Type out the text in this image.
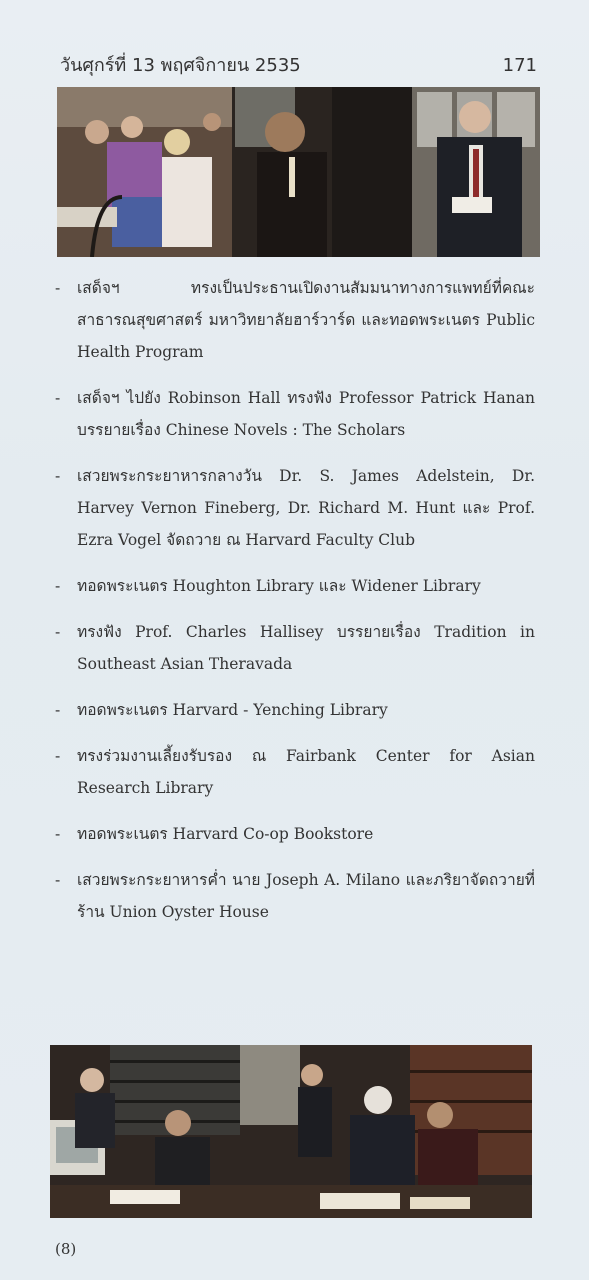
วันศุกร์ที่ 13 พฤศจิกายน 2535	171
-	เสด็จฯ ทรงเป็นประธานเปิดงานสัมมนาทางการแพทย์ที่คณะสาธารณสุขศาสตร์ มหาวิทยาลัยฮาร์วาร์ด และทอดพระเนตร Public Health Program
-	เสด็จฯ ไปยัง Robinson Hall ทรงฟัง Professor Patrick Hanan บรรยายเรื่อง Chinese Novels : The Scholars
-	เสวยพระกระยาหารกลางวัน Dr. S. James Adelstein, Dr. Harvey Vernon Fineberg, Dr. Richard M. Hunt และ Prof. Ezra Vogel จัดถวาย ณ Harvard Faculty Club
-	ทอดพระเนตร Houghton Library และ Widener Library
-	ทรงฟัง Prof. Charles Hallisey บรรยายเรื่อง Tradition in Southeast Asian Theravada
-	ทอดพระเนตร Harvard - Yenching Library
-	ทรงร่วมงานเลี้ยงรับรอง ณ Fairbank Center for Asian Research Library
-	ทอดพระเนตร Harvard Co-op Bookstore
-	เสวยพระกระยาหารค่ำ นาย Joseph A. Milano และภริยาจัดถวายที่ร้าน Union Oyster House
(8)
